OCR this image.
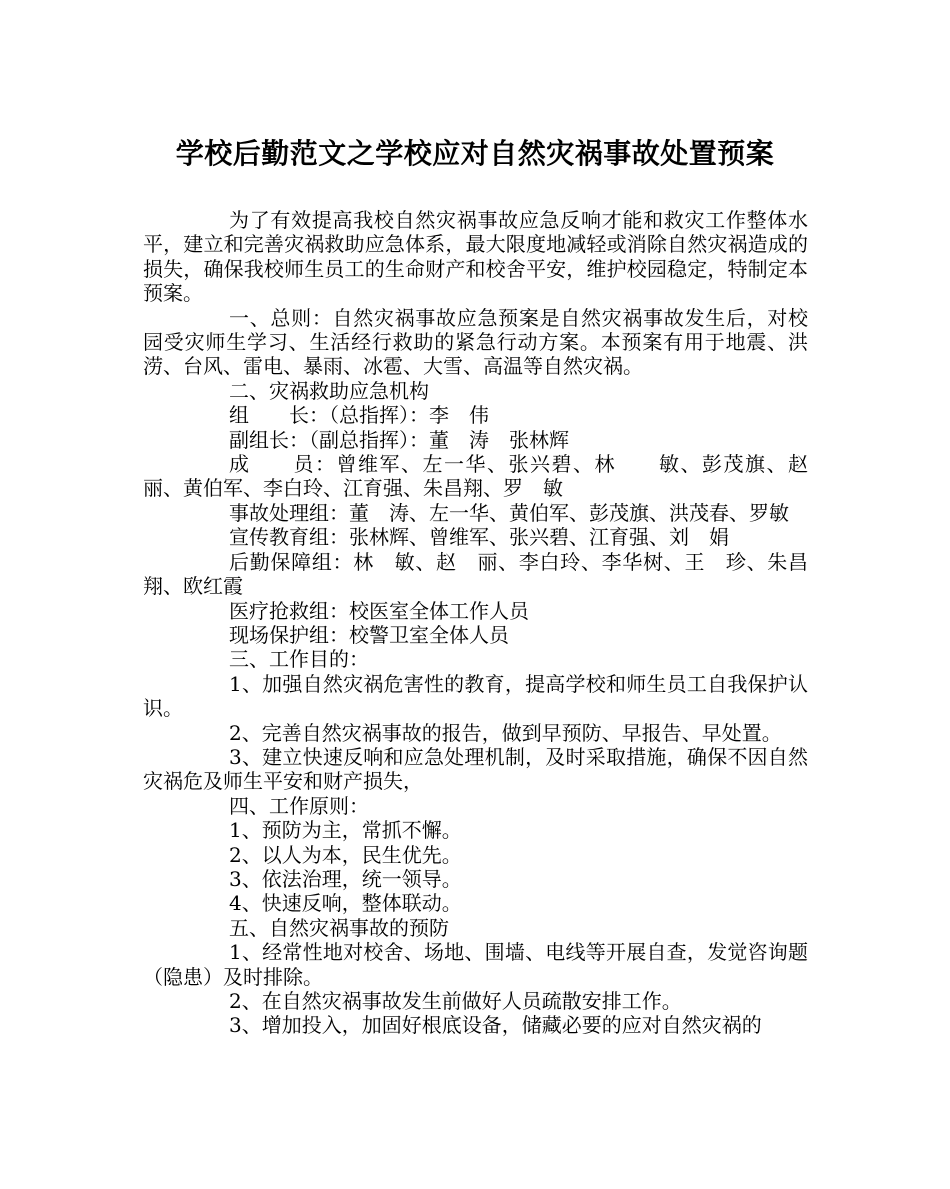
学校后勤范文之学校应对自然灾祸事故处置预案

为了有效提高我校自然灾祸事故应急反响才能和救灾工作整体水平，建立和完善灾祸救助应急体系，最大限度地减轻或消除自然灾祸造成的损失，确保我校师生员工的生命财产和校舍平安，维护校园稳定，特制定本预案。

一、总则：自然灾祸事故应急预案是自然灾祸事故发生后，对校园受灾师生学习、生活经行救助的紧急行动方案。本预案有用于地震、洪涝、台风、雷电、暴雨、冰雹、大雪、高温等自然灾祸。

二、灾祸救助应急机构

组　　长：（总指挥）：李　伟

副组长：（副总指挥）：董　涛　张林辉

成　　员：曾维军、左一华、张兴碧、林　　敏、彭茂旗、赵丽、黄伯军、李白玲、江育强、朱昌翔、罗　敏

事故处理组：董　涛、左一华、黄伯军、彭茂旗、洪茂春、罗敏

宣传教育组：张林辉、曾维军、张兴碧、江育强、刘　娟

后勤保障组：林　敏、赵　丽、李白玲、李华树、王　珍、朱昌翔、欧红霞

医疗抢救组：校医室全体工作人员

现场保护组：校警卫室全体人员

三、工作目的：

1、加强自然灾祸危害性的教育，提高学校和师生员工自我保护认识。

2、完善自然灾祸事故的报告，做到早预防、早报告、早处置。

3、建立快速反响和应急处理机制，及时采取措施，确保不因自然灾祸危及师生平安和财产损失，

四、工作原则：

1、预防为主，常抓不懈。

2、以人为本，民生优先。

3、依法治理，统一领导。

4、快速反响，整体联动。

五、自然灾祸事故的预防

1、经常性地对校舍、场地、围墙、电线等开展自查，发觉咨询题（隐患）及时排除。

2、在自然灾祸事故发生前做好人员疏散安排工作。

3、增加投入，加固好根底设备，储藏必要的应对自然灾祸的
